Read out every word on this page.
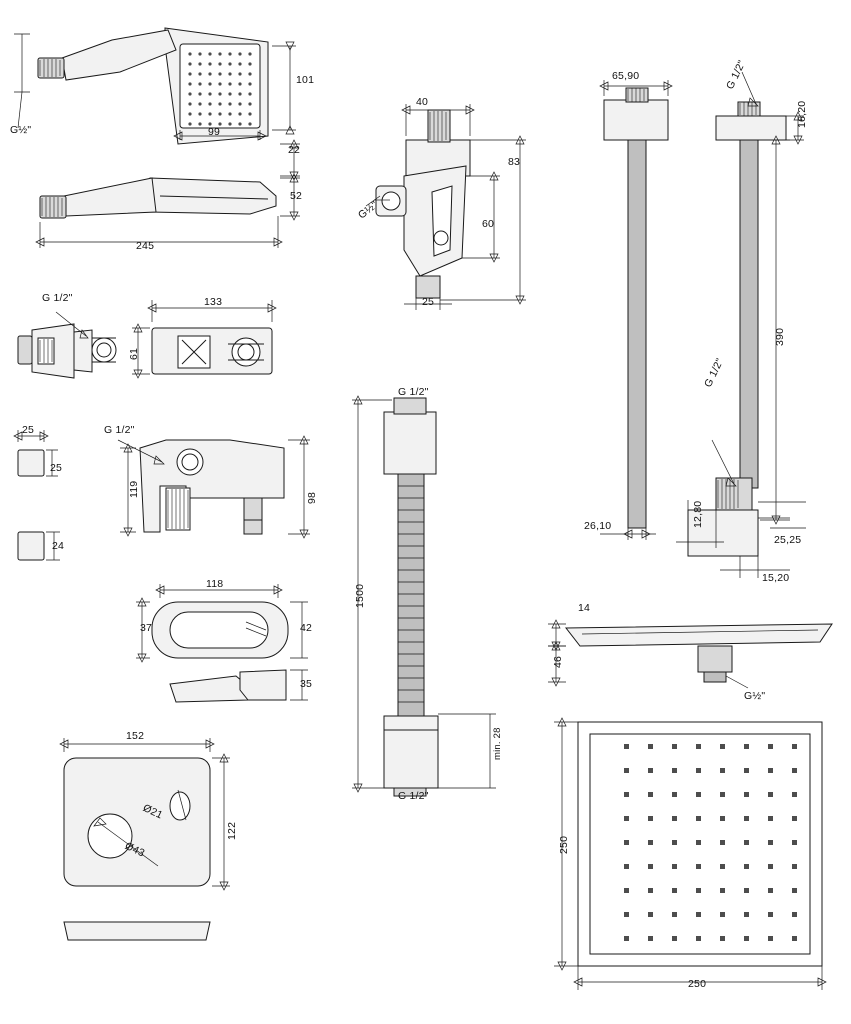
101
99
G½"
22
245
52
G 1/2"	133
61
G 1/2"
119	98
25
25
24
118
37	42
35
152
122
Ø21
Ø43
40
83
60
25
G½"
G 1/2"
1500
min. 28
G 1/2"
65,90
26,10
G 1/2"
16,20
390
G 1/2"
12,80
25,25
15,20
14
46
G½"
250
250
